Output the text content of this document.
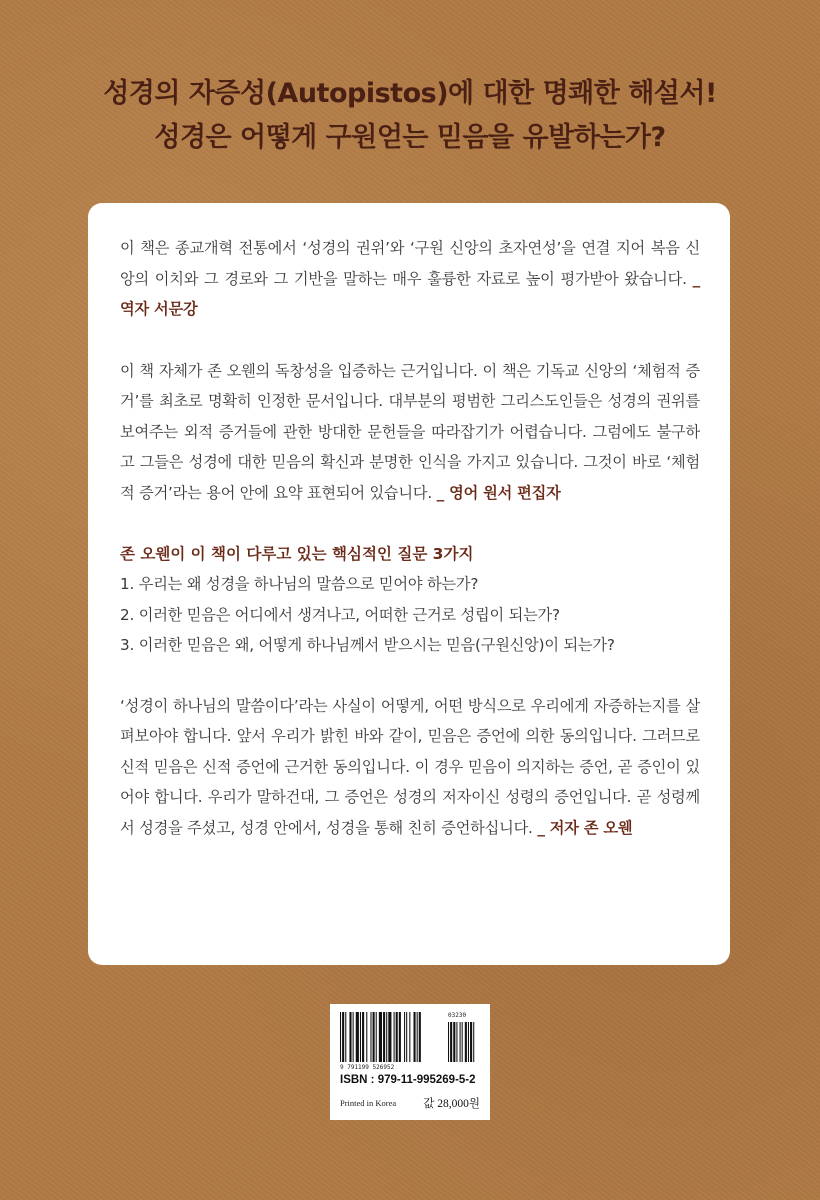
성경의 자증성(Autopistos)에 대한 명쾌한 해설서!
성경은 어떻게 구원얻는 믿음을 유발하는가?

이 책은 종교개혁 전통에서 ‘성경의 권위’와 ‘구원 신앙의 초자연성’을 연결 지어 복음 신앙의 이치와 그 경로와 그 기반을 말하는 매우 훌륭한 자료로 높이 평가받아 왔습니다. _ 역자 서문강

이 책 자체가 존 오웬의 독창성을 입증하는 근거입니다. 이 책은 기독교 신앙의 ‘체험적 증거’를 최초로 명확히 인정한 문서입니다. 대부분의 평범한 그리스도인들은 성경의 권위를 보여주는 외적 증거들에 관한 방대한 문헌들을 따라잡기가 어렵습니다. 그럼에도 불구하고 그들은 성경에 대한 믿음의 확신과 분명한 인식을 가지고 있습니다. 그것이 바로 ‘체험적 증거’라는 용어 안에 요약 표현되어 있습니다. _ 영어 원서 편집자

존 오웬이 이 책이 다루고 있는 핵심적인 질문 3가지

1. 우리는 왜 성경을 하나님의 말씀으로 믿어야 하는가?

2. 이러한 믿음은 어디에서 생겨나고, 어떠한 근거로 성립이 되는가?

3. 이러한 믿음은 왜, 어떻게 하나님께서 받으시는 믿음(구원신앙)이 되는가?

‘성경이 하나님의 말씀이다’라는 사실이 어떻게, 어떤 방식으로 우리에게 자증하는지를 살펴보아야 합니다. 앞서 우리가 밝힌 바와 같이, 믿음은 증언에 의한 동의입니다. 그러므로 신적 믿음은 신적 증언에 근거한 동의입니다. 이 경우 믿음이 의지하는 증언, 곧 증인이 있어야 합니다. 우리가 말하건대, 그 증언은 성경의 저자이신 성령의 증언입니다. 곧 성령께서 성경을 주셨고, 성경 안에서, 성경을 통해 친히 증언하십니다. _ 저자 존 오웬

9 791199 526952
03230
ISBN : 979-11-995269-5-2
Printed in Korea 값 28,000원
